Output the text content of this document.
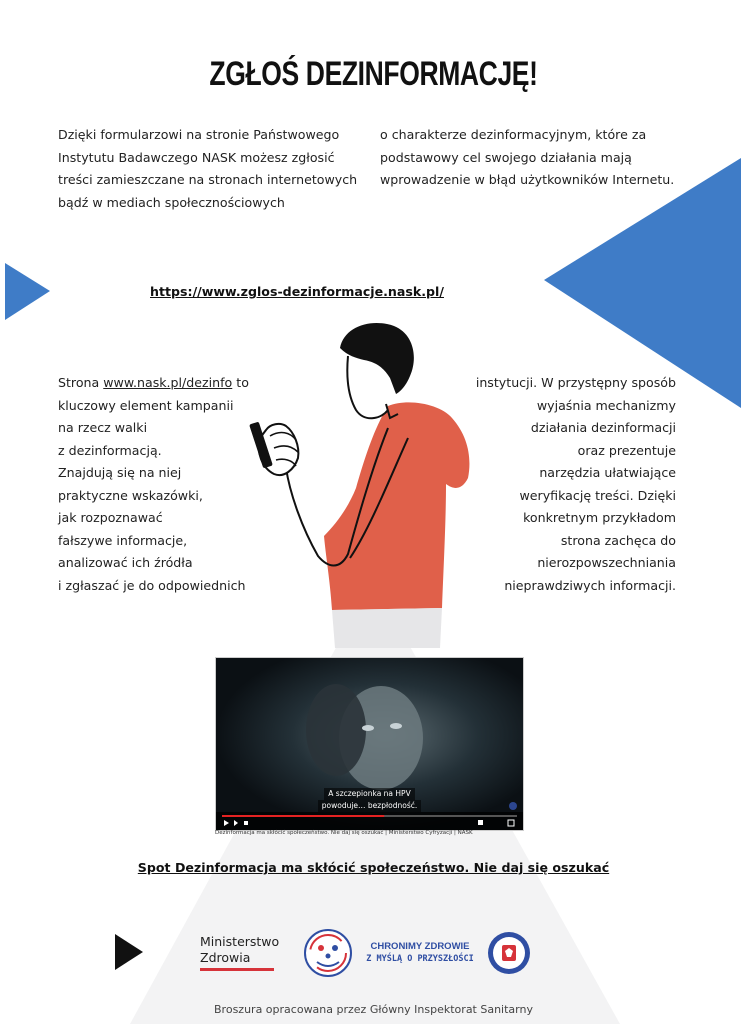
ZGŁOŚ DEZINFORMACJĘ!
Dzięki formularzowi na stronie Państwowego
Instytutu Badawczego NASK możesz zgłosić
treści zamieszczane na stronach internetowych
bądź w mediach społecznościowych
o charakterze dezinformacyjnym, które za
podstawowy cel swojego działania mają
wprowadzenie w błąd użytkowników Internetu.
https://www.zglos-dezinformacje.nask.pl/
Strona www.nask.pl/dezinfo to
kluczowy element kampanii
na rzecz walki
z dezinformacją.
Znajdują się na niej
praktyczne wskazówki,
jak rozpoznawać
fałszywe informacje,
analizować ich źródła
i zgłaszać je do odpowiednich
instytucji. W przystępny sposób
wyjaśnia mechanizmy
działania dezinformacji
oraz prezentuje
narzędzia ułatwiające
weryfikację treści. Dzięki
konkretnym przykładom
strona zachęca do
nierozpowszechniania
nieprawdziwych informacji.
A szczepionka na HPV
powoduje… bezpłodność.
Dezinformacja ma skłócić społeczeństwo. Nie daj się oszukać | Ministerstwo Cyfryzacji | NASK
Spot Dezinformacja ma skłócić społeczeństwo. Nie daj się oszukać
Ministerstwo
Zdrowia
CHRONIMY ZDROWIE
Z MYŚLĄ O PRZYSZŁOŚCI
Broszura opracowana przez Główny Inspektorat Sanitarny
